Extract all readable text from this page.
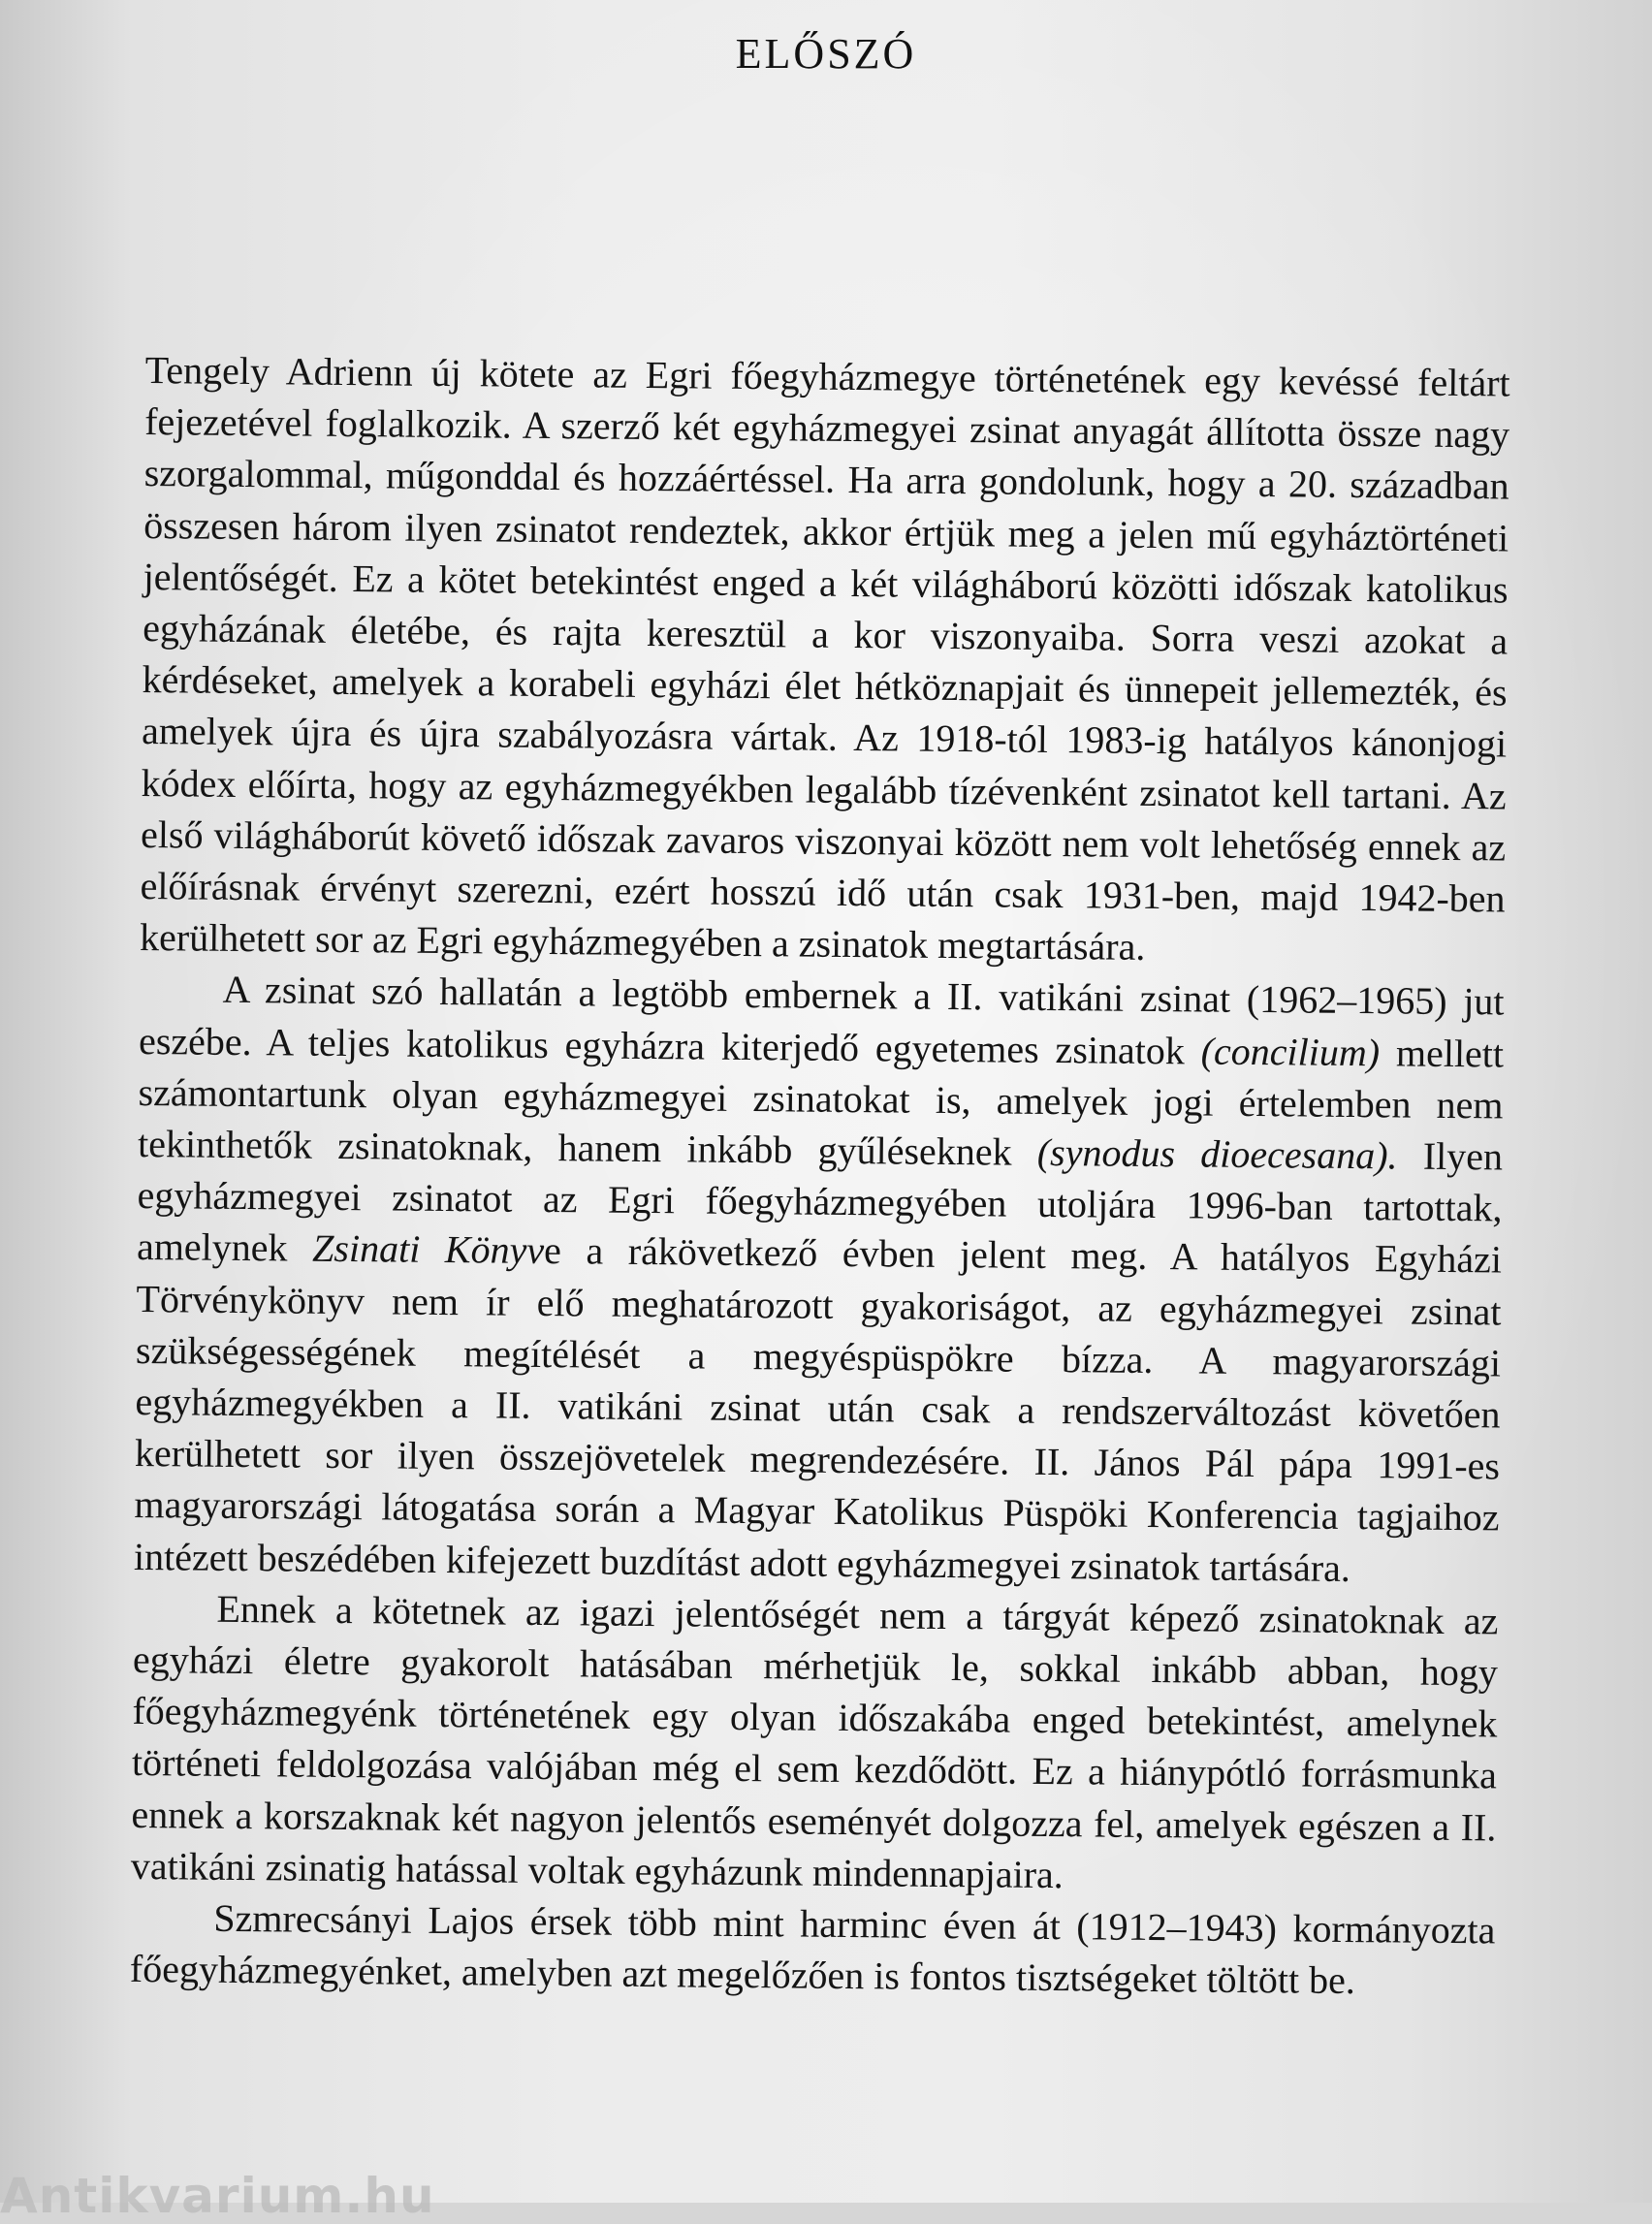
ELŐSZÓ

Tengely Adrienn új kötete az Egri főegyházmegye történetének egy kevéssé feltárt fejezetével foglalkozik. A szerző két egyházmegyei zsinat anyagát állította össze nagy szorgalommal, műgonddal és hozzáértéssel. Ha arra gondolunk, hogy a 20. században összesen három ilyen zsinatot rendeztek, akkor értjük meg a jelen mű egyháztörténeti jelentőségét. Ez a kötet betekintést enged a két világháború közötti időszak katolikus egyházának életébe, és rajta keresztül a kor viszonyaiba. Sorra veszi azokat a kérdéseket, amelyek a korabeli egyházi élet hétköznapjait és ünnepeit jellemezték, és amelyek újra és újra szabályozásra vártak. Az 1918-tól 1983-ig hatályos kánonjogi kódex előírta, hogy az egyházmegyékben legalább tízévenként zsinatot kell tartani. Az első világháborút követő időszak zavaros viszonyai között nem volt lehetőség ennek az előírásnak érvényt szerezni, ezért hosszú idő után csak 1931-ben, majd 1942-ben kerülhetett sor az Egri egyházmegyében a zsinatok megtartására.

A zsinat szó hallatán a legtöbb embernek a II. vatikáni zsinat (1962–1965) jut eszébe. A teljes katolikus egyházra kiterjedő egyetemes zsinatok (concilium) mellett számontartunk olyan egyházmegyei zsinatokat is, amelyek jogi értelemben nem tekinthetők zsinatoknak, hanem inkább gyűléseknek (synodus dioecesana). Ilyen egyházmegyei zsinatot az Egri főegyházmegyében utoljára 1996-ban tartottak, amelynek Zsinati Könyve a rákövetkező évben jelent meg. A hatályos Egyházi Törvénykönyv nem ír elő meghatározott gyakoriságot, az egyházmegyei zsinat szükségességének megítélését a megyéspüspökre bízza. A magyarországi egyházmegyékben a II. vatikáni zsinat után csak a rendszerváltozást követően kerülhetett sor ilyen összejövetelek megrendezésére. II. János Pál pápa 1991-es magyarországi látogatása során a Magyar Katolikus Püspöki Konferencia tagjaihoz intézett beszédében kifejezett buzdítást adott egyházmegyei zsinatok tartására.

Ennek a kötetnek az igazi jelentőségét nem a tárgyát képező zsinatoknak az egyházi életre gyakorolt hatásában mérhetjük le, sokkal inkább abban, hogy főegyházmegyénk történetének egy olyan időszakába enged betekintést, amelynek történeti feldolgozása valójában még el sem kezdődött. Ez a hiánypótló forrásmunka ennek a korszaknak két nagyon jelentős eseményét dolgozza fel, amelyek egészen a II. vatikáni zsinatig hatással voltak egyházunk mindennapjaira.

Szmrecsányi Lajos érsek több mint harminc éven át (1912–1943) kormányozta főegyházmegyénket, amelyben azt megelőzően is fontos tisztségeket töltött be.

Antikvarium.hu
